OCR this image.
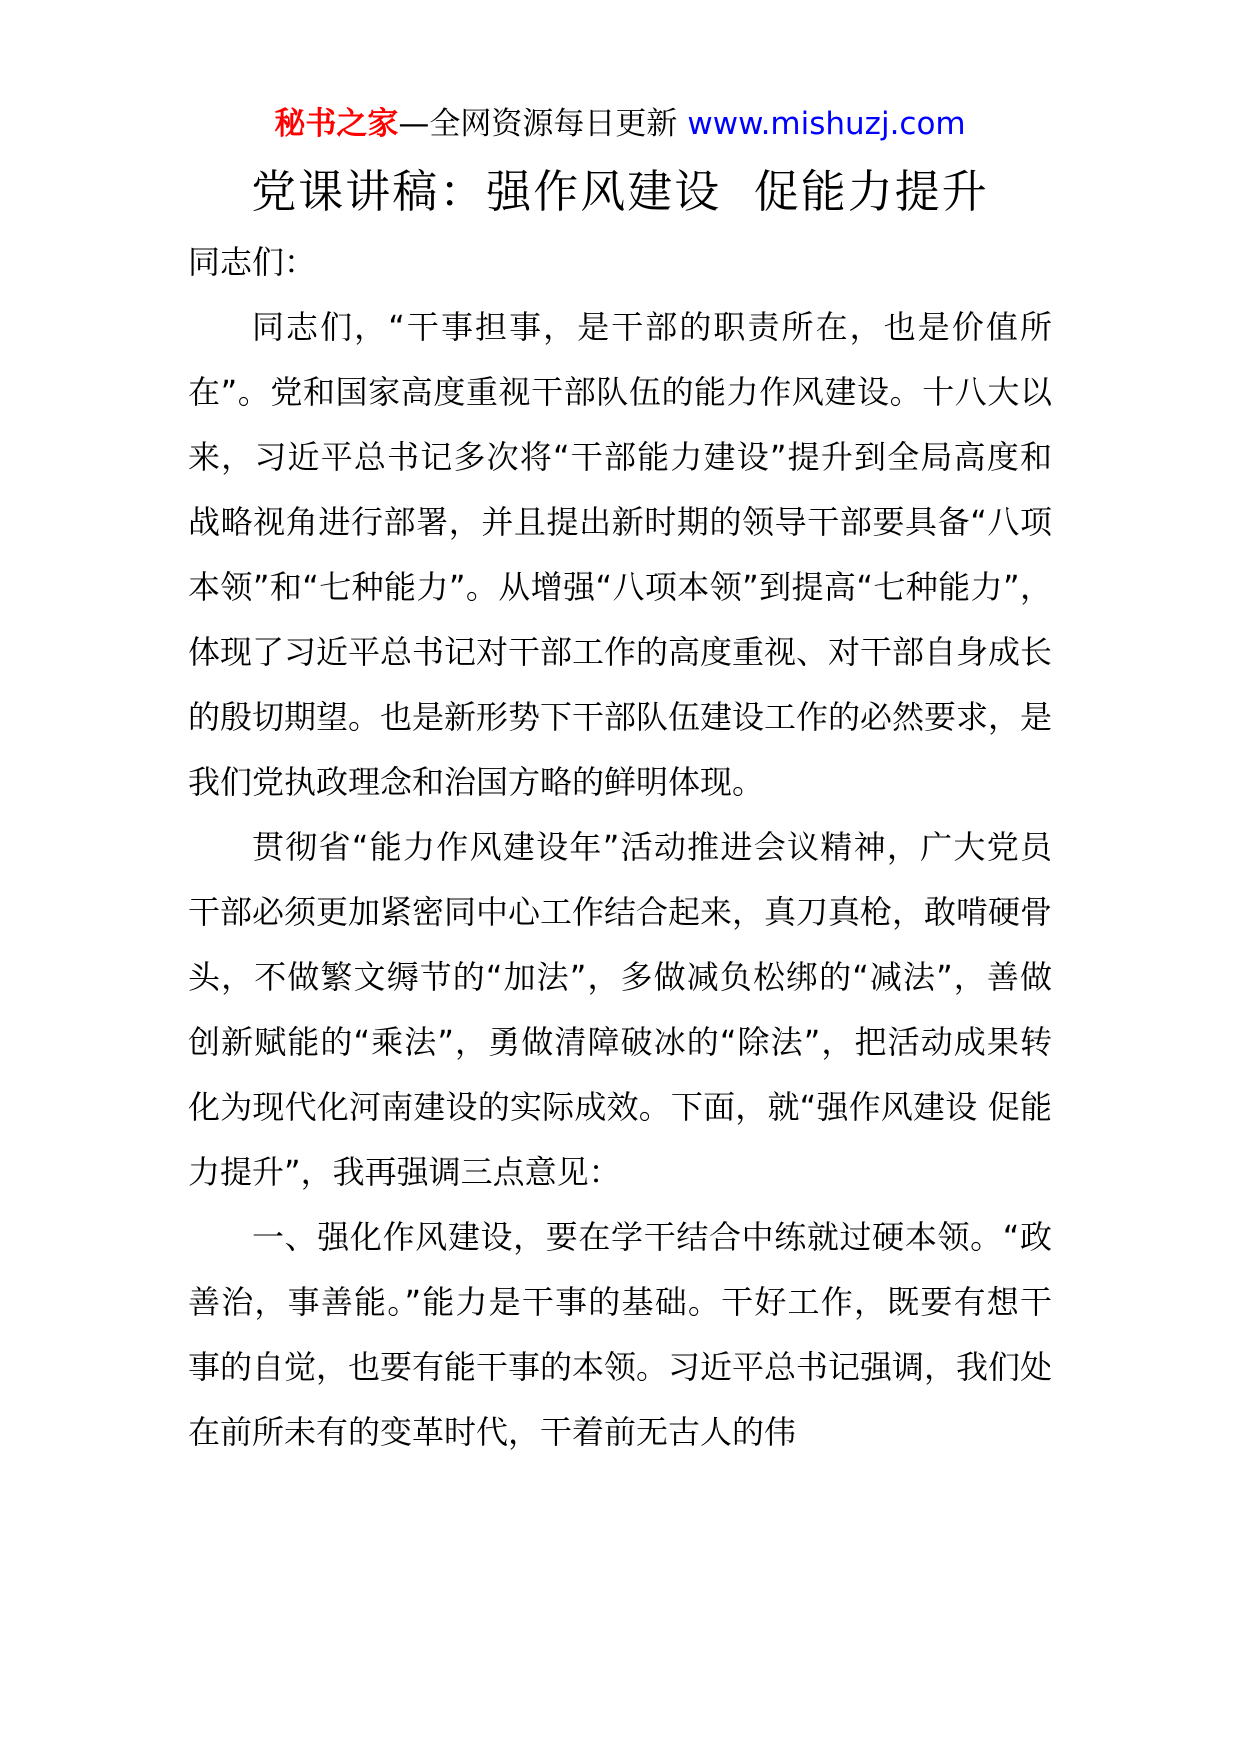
秘书之家—全网资源每日更新 www.mishuzj.com
党课讲稿：强作风建设  促能力提升

同志们：

同志们，“干事担事，是干部的职责所在，也是价值所在”。党和国家高度重视干部队伍的能力作风建设。十八大以来，习近平总书记多次将“干部能力建设”提升到全局高度和战略视角进行部署，并且提出新时期的领导干部要具备“八项本领”和“七种能力”。从增强“八项本领”到提高“七种能力”，体现了习近平总书记对干部工作的高度重视、对干部自身成长的殷切期望。也是新形势下干部队伍建设工作的必然要求，是我们党执政理念和治国方略的鲜明体现。

贯彻省“能力作风建设年”活动推进会议精神，广大党员干部必须更加紧密同中心工作结合起来，真刀真枪，敢啃硬骨头，不做繁文缛节的“加法”，多做减负松绑的“减法”，善做创新赋能的“乘法”，勇做清障破冰的“除法”，把活动成果转化为现代化河南建设的实际成效。下面，就“强作风建设 促能力提升”，我再强调三点意见：

一、强化作风建设，要在学干结合中练就过硬本领。“政善治，事善能。”能力是干事的基础。干好工作，既要有想干事的自觉，也要有能干事的本领。习近平总书记强调，我们处在前所未有的变革时代，干着前无古人的伟
